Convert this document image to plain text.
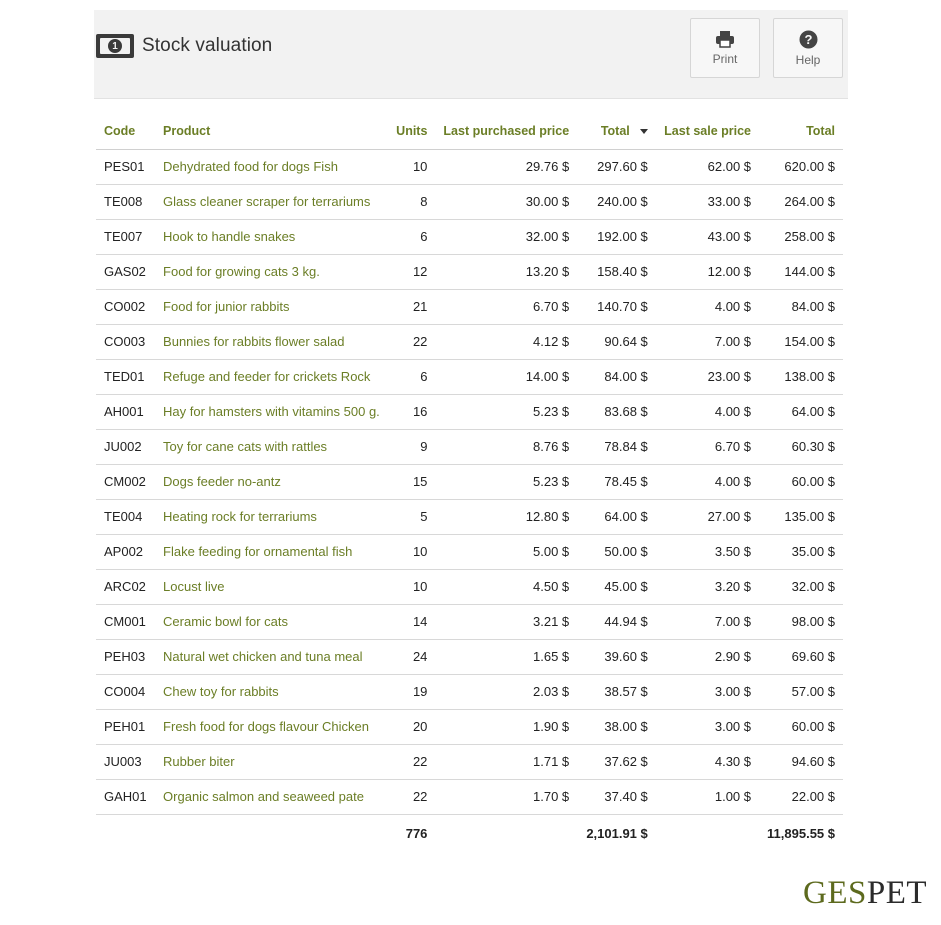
1 Stock valuation
Print
?
Help
Code	Product	Units	Last purchased price	Total	Last sale price	Total
PES01	Dehydrated food for dogs Fish	10	29.76 $	297.60 $	62.00 $	620.00 $
TE008	Glass cleaner scraper for terrariums	8	30.00 $	240.00 $	33.00 $	264.00 $
TE007	Hook to handle snakes	6	32.00 $	192.00 $	43.00 $	258.00 $
GAS02	Food for growing cats 3 kg.	12	13.20 $	158.40 $	12.00 $	144.00 $
CO002	Food for junior rabbits	21	6.70 $	140.70 $	4.00 $	84.00 $
CO003	Bunnies for rabbits flower salad	22	4.12 $	90.64 $	7.00 $	154.00 $
TED01	Refuge and feeder for crickets Rock	6	14.00 $	84.00 $	23.00 $	138.00 $
AH001	Hay for hamsters with vitamins 500 g.	16	5.23 $	83.68 $	4.00 $	64.00 $
JU002	Toy for cane cats with rattles	9	8.76 $	78.84 $	6.70 $	60.30 $
CM002	Dogs feeder no-antz	15	5.23 $	78.45 $	4.00 $	60.00 $
TE004	Heating rock for terrariums	5	12.80 $	64.00 $	27.00 $	135.00 $
AP002	Flake feeding for ornamental fish	10	5.00 $	50.00 $	3.50 $	35.00 $
ARC02	Locust live	10	4.50 $	45.00 $	3.20 $	32.00 $
CM001	Ceramic bowl for cats	14	3.21 $	44.94 $	7.00 $	98.00 $
PEH03	Natural wet chicken and tuna meal	24	1.65 $	39.60 $	2.90 $	69.60 $
CO004	Chew toy for rabbits	19	2.03 $	38.57 $	3.00 $	57.00 $
PEH01	Fresh food for dogs flavour Chicken	20	1.90 $	38.00 $	3.00 $	60.00 $
JU003	Rubber biter	22	1.71 $	37.62 $	4.30 $	94.60 $
GAH01	Organic salmon and seaweed pate	22	1.70 $	37.40 $	1.00 $	22.00 $
		776		2,101.91 $		11,895.55 $
GESPET
